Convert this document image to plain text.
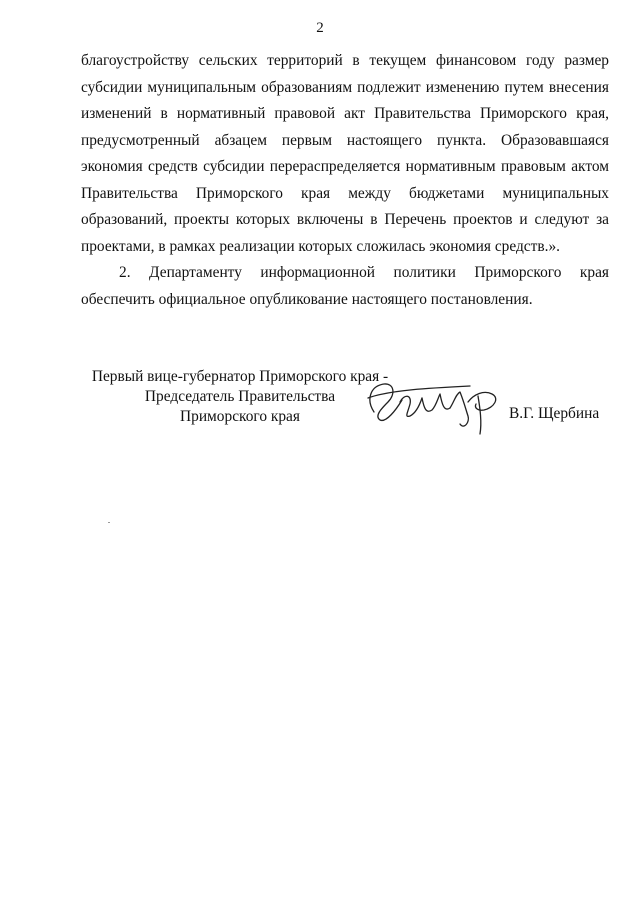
2

благоустройству сельских территорий в текущем финансовом году размер субсидии муниципальным образованиям подлежит изменению путем внесения изменений в нормативный правовой акт Правительства Приморского края, предусмотренный абзацем первым настоящего пункта. Образовавшаяся экономия средств субсидии перераспределяется нормативным правовым актом Правительства Приморского края между бюджетами муниципальных образований, проекты которых включены в Перечень проектов и следуют за проектами, в рамках реализации которых сложилась экономия средств.».

2. Департаменту информационной политики Приморского края обеспечить официальное опубликование настоящего постановления.

Первый вице-губернатор Приморского края -
Председатель Правительства
Приморского края	В.Г. Щербина
